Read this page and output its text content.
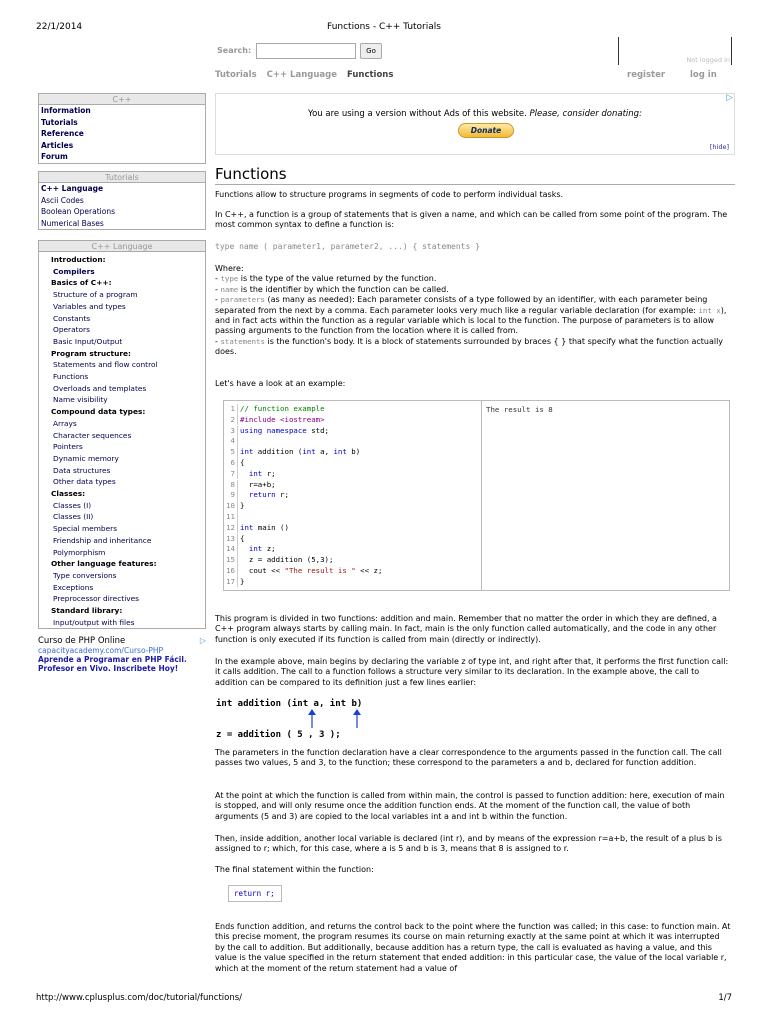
22/1/2014	Functions - C++ Tutorials
Search:	Go
Not logged in
Tutorials C++ Language Functions	register	log in
C++
Information
Tutorials
Reference
Articles
Forum
Tutorials
C++ Language
Ascii Codes
Boolean Operations
Numerical Bases
C++ Language
Introduction:
Compilers
Basics of C++:
Structure of a program
Variables and types
Constants
Operators
Basic Input/Output
Program structure:
Statements and flow control
Functions
Overloads and templates
Name visibility
Compound data types:
Arrays
Character sequences
Pointers
Dynamic memory
Data structures
Other data types
Classes:
Classes (I)
Classes (II)
Special members
Friendship and inheritance
Polymorphism
Other language features:
Type conversions
Exceptions
Preprocessor directives
Standard library:
Input/output with files
Curso de PHP Online
capacityacademy.com/Curso-PHP
Aprende a Programar en PHP Fácil. Profesor en Vivo. Inscribete Hoy!
▷
You are using a version without Ads of this website. Please, consider donating:
Donate
[hide]
▷
Functions
Functions allow to structure programs in segments of code to perform individual tasks.
In C++, a function is a group of statements that is given a name, and which can be called from some point of the program. The most common syntax to define a function is:
type name ( parameter1, parameter2, ...) { statements }
Where:
- type is the type of the value returned by the function.
- name is the identifier by which the function can be called.
- parameters (as many as needed): Each parameter consists of a type followed by an identifier, with each parameter being separated from the next by a comma. Each parameter looks very much like a regular variable declaration (for example: int x), and in fact acts within the function as a regular variable which is local to the function. The purpose of parameters is to allow passing arguments to the function from the location where it is called from.
- statements is the function's body. It is a block of statements surrounded by braces { } that specify what the function actually does.
Let's have a look at an example:
1 // function example
2 #include <iostream>
3 using namespace std;
4
5 int addition (int a, int b)
6 {
7 int r;
8  r=a+b;
9 return r;
10 }
11
12 int main ()
13 {
14 int z;
15  z = addition (5,3);
16  cout << "The result is " << z;
17 }
The result is 8
This program is divided in two functions: addition and main. Remember that no matter the order in which they are defined, a C++ program always starts by calling main. In fact, main is the only function called automatically, and the code in any other function is only executed if its function is called from main (directly or indirectly).
In the example above, main begins by declaring the variable z of type int, and right after that, it performs the first function call: it calls addition. The call to a function follows a structure very similar to its declaration. In the example above, the call to addition can be compared to its definition just a few lines earlier:
int addition (int a, int b)
z = addition ( 5 , 3 );
The parameters in the function declaration have a clear correspondence to the arguments passed in the function call. The call passes two values, 5 and 3, to the function; these correspond to the parameters a and b, declared for function addition.
At the point at which the function is called from within main, the control is passed to function addition: here, execution of main is stopped, and will only resume once the addition function ends. At the moment of the function call, the value of both arguments (5 and 3) are copied to the local variables int a and int b within the function.
Then, inside addition, another local variable is declared (int r), and by means of the expression r=a+b, the result of a plus b is assigned to r; which, for this case, where a is 5 and b is 3, means that 8 is assigned to r.
The final statement within the function:
return r;
Ends function addition, and returns the control back to the point where the function was called; in this case: to function main. At this precise moment, the program resumes its course on main returning exactly at the same point at which it was interrupted by the call to addition. But additionally, because addition has a return type, the call is evaluated as having a value, and this value is the value specified in the return statement that ended addition: in this particular case, the value of the local variable r, which at the moment of the return statement had a value of
http://www.cplusplus.com/doc/tutorial/functions/	1/7
